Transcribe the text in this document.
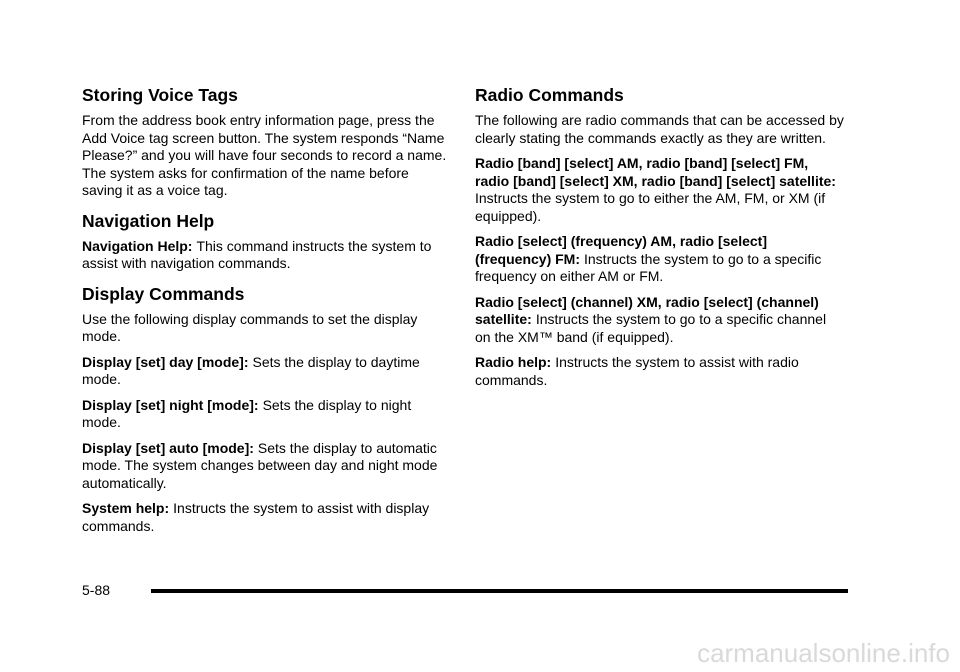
Storing Voice Tags

From the address book entry information page, press the Add Voice tag screen button. The system responds “Name Please?” and you will have four seconds to record a name. The system asks for confirmation of the name before saving it as a voice tag.

Navigation Help

Navigation Help: This command instructs the system to assist with navigation commands.

Display Commands

Use the following display commands to set the display mode.

Display [set] day [mode]: Sets the display to daytime mode.

Display [set] night [mode]: Sets the display to night mode.

Display [set] auto [mode]: Sets the display to automatic mode. The system changes between day and night mode automatically.

System help: Instructs the system to assist with display commands.

Radio Commands

The following are radio commands that can be accessed by clearly stating the commands exactly as they are written.

Radio [band] [select] AM, radio [band] [select] FM, radio [band] [select] XM, radio [band] [select] satellite:Instructs the system to go to either the AM, FM, or XM (if equipped).

Radio [select] (frequency) AM, radio [select] (frequency) FM: Instructs the system to go to a specific frequency on either AM or FM.

Radio [select] (channel) XM, radio [select] (channel) satellite: Instructs the system to go to a specific channel on the XM™ band (if equipped).

Radio help: Instructs the system to assist with radio commands.

5-88
carmanualsonline.info
